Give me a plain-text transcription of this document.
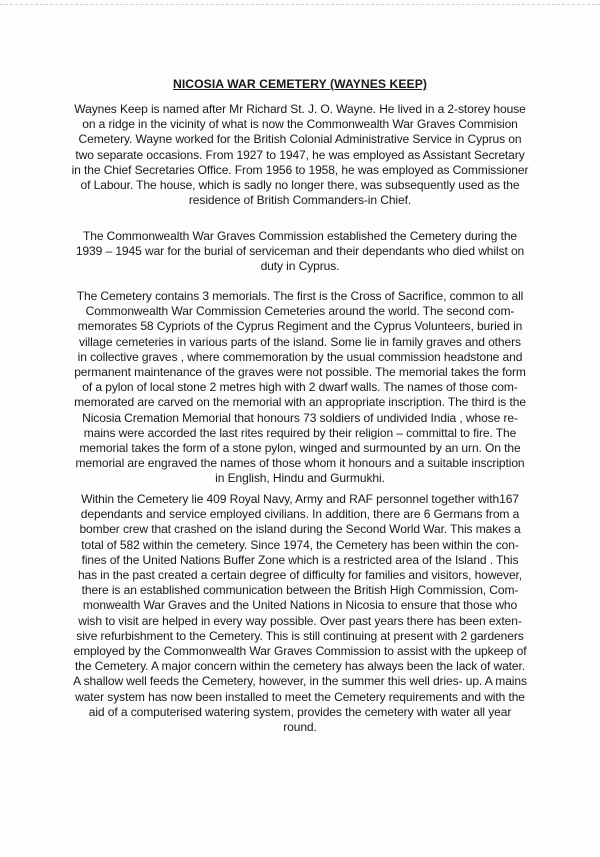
NICOSIA WAR CEMETERY (WAYNES KEEP)

Waynes Keep is named after Mr Richard St. J. O. Wayne. He lived in a 2-storey house
on a ridge in the vicinity of what is now the Commonwealth War Graves Commision
Cemetery. Wayne worked for the British Colonial Administrative Service in Cyprus on
two separate occasions. From 1927 to 1947, he was employed as Assistant Secretary
in the Chief Secretaries Office. From 1956 to 1958, he was employed as Commissioner
of Labour. The house, which is sadly no longer there, was subsequently used as the
residence of British Commanders-in Chief.

The Commonwealth War Graves Commission established the Cemetery during the
1939 – 1945 war for the burial of serviceman and their dependants who died whilst on
duty in Cyprus.

The Cemetery contains 3 memorials. The first is the Cross of Sacrifice, common to all
Commonwealth War Commission Cemeteries around the world. The second com-
memorates 58 Cypriots of the Cyprus Regiment and the Cyprus Volunteers, buried in
village cemeteries in various parts of the island. Some lie in family graves and others
in collective graves , where commemoration by the usual commission headstone and
permanent maintenance of the graves were not possible. The memorial takes the form
of a pylon of local stone 2 metres high with 2 dwarf walls. The names of those com-
memorated are carved on the memorial with an appropriate inscription. The third is the
Nicosia Cremation Memorial that honours 73 soldiers of undivided India , whose re-
mains were accorded the last rites required by their religion – committal to fire. The
memorial takes the form of a stone pylon, winged and surmounted by an urn. On the
memorial are engraved the names of those whom it honours and a suitable inscription
in English, Hindu and Gurmukhi.

Within the Cemetery lie 409 Royal Navy, Army and RAF personnel together with167
dependants and service employed civilians. In addition, there are 6 Germans from a
bomber crew that crashed on the island during the Second World War. This makes a
total of 582 within the cemetery. Since 1974, the Cemetery has been within the con-
fines of the United Nations Buffer Zone which is a restricted area of the Island . This
has in the past created a certain degree of difficulty for families and visitors, however,
there is an established communication between the British High Commission, Com-
monwealth War Graves and the United Nations in Nicosia to ensure that those who
wish to visit are helped in every way possible. Over past years there has been exten-
sive refurbishment to the Cemetery. This is still continuing at present with 2 gardeners
employed by the Commonwealth War Graves Commission to assist with the upkeep of
the Cemetery. A major concern within the cemetery has always been the lack of water.
A shallow well feeds the Cemetery, however, in the summer this well dries- up. A mains
water system has now been installed to meet the Cemetery requirements and with the
aid of a computerised watering system, provides the cemetery with water all year
round.
